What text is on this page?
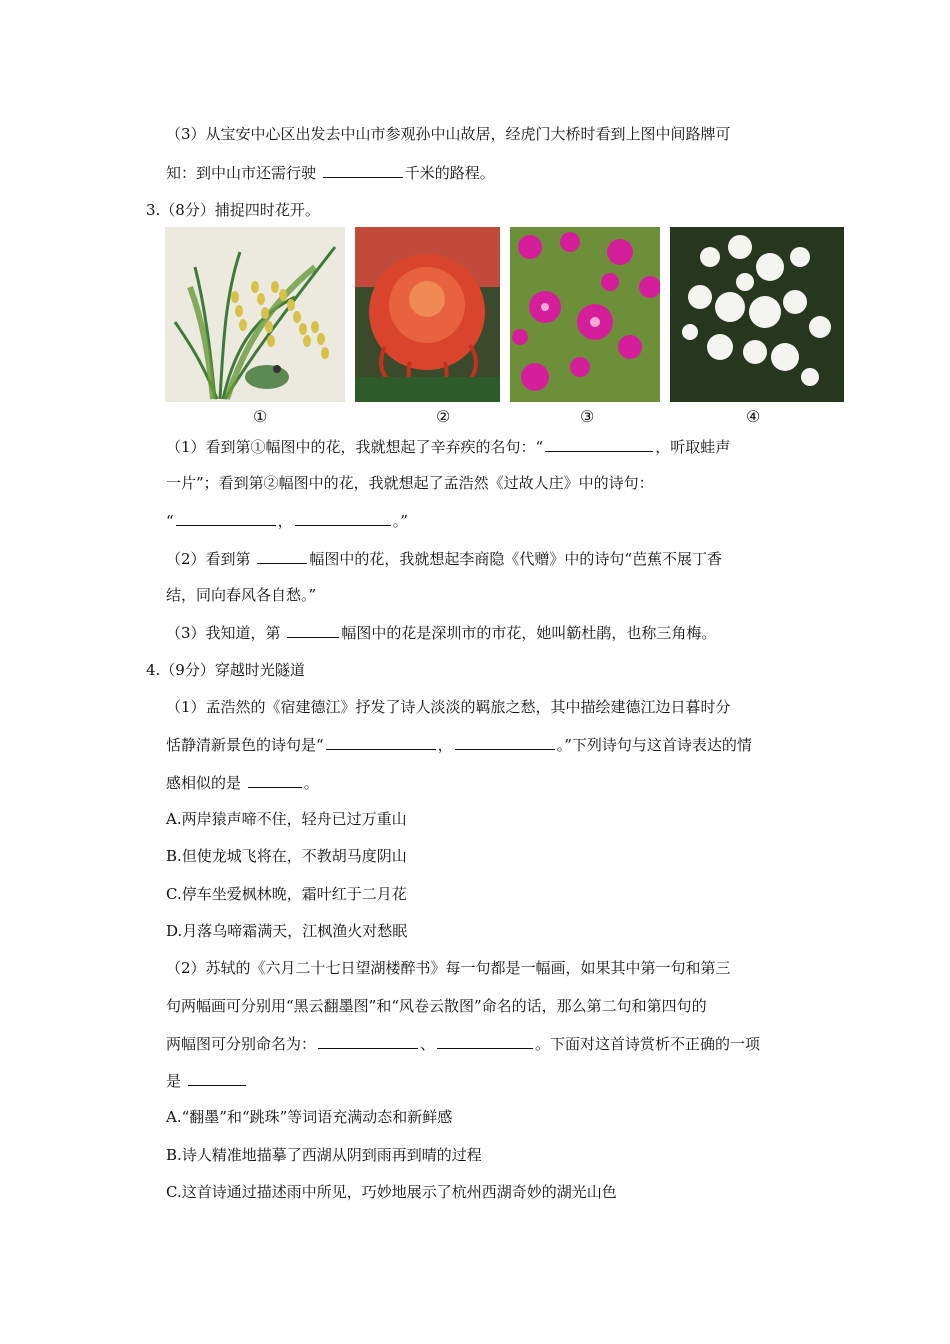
（3）从宝安中心区出发去中山市参观孙中山故居，经虎门大桥时看到上图中间路牌可
知：到中山市还需行驶	千米的路程。
3.（8分）捕捉四时花开。
①	②	③	④
（1）看到第①幅图中的花，我就想起了辛弃疾的名句：“	，听取蛙声
一片”；看到第②幅图中的花，我就想起了孟浩然《过故人庄》中的诗句：
“	，	。”
（2）看到第	幅图中的花，我就想起李商隐《代赠》中的诗句“芭蕉不展丁香
结，同向春风各自愁。”
（3）我知道，第	幅图中的花是深圳市的市花，她叫簕杜鹃，也称三角梅。
4.（9分）穿越时光隧道
（1）孟浩然的《宿建德江》抒发了诗人淡淡的羁旅之愁，其中描绘建德江边日暮时分
恬静清新景色的诗句是“	，	。”下列诗句与这首诗表达的情
感相似的是	。
A.两岸猿声啼不住，轻舟已过万重山
B.但使龙城飞将在，不教胡马度阴山
C.停车坐爱枫林晚，霜叶红于二月花
D.月落乌啼霜满天，江枫渔火对愁眠
（2）苏轼的《六月二十七日望湖楼醉书》每一句都是一幅画，如果其中第一句和第三
句两幅画可分别用“黑云翻墨图”和“风卷云散图”命名的话，那么第二句和第四句的
两幅图可分别命名为：	、	。下面对这首诗赏析不正确的一项
是
A.“翻墨”和“跳珠”等词语充满动态和新鲜感
B.诗人精准地描摹了西湖从阴到雨再到晴的过程
C.这首诗通过描述雨中所见，巧妙地展示了杭州西湖奇妙的湖光山色
